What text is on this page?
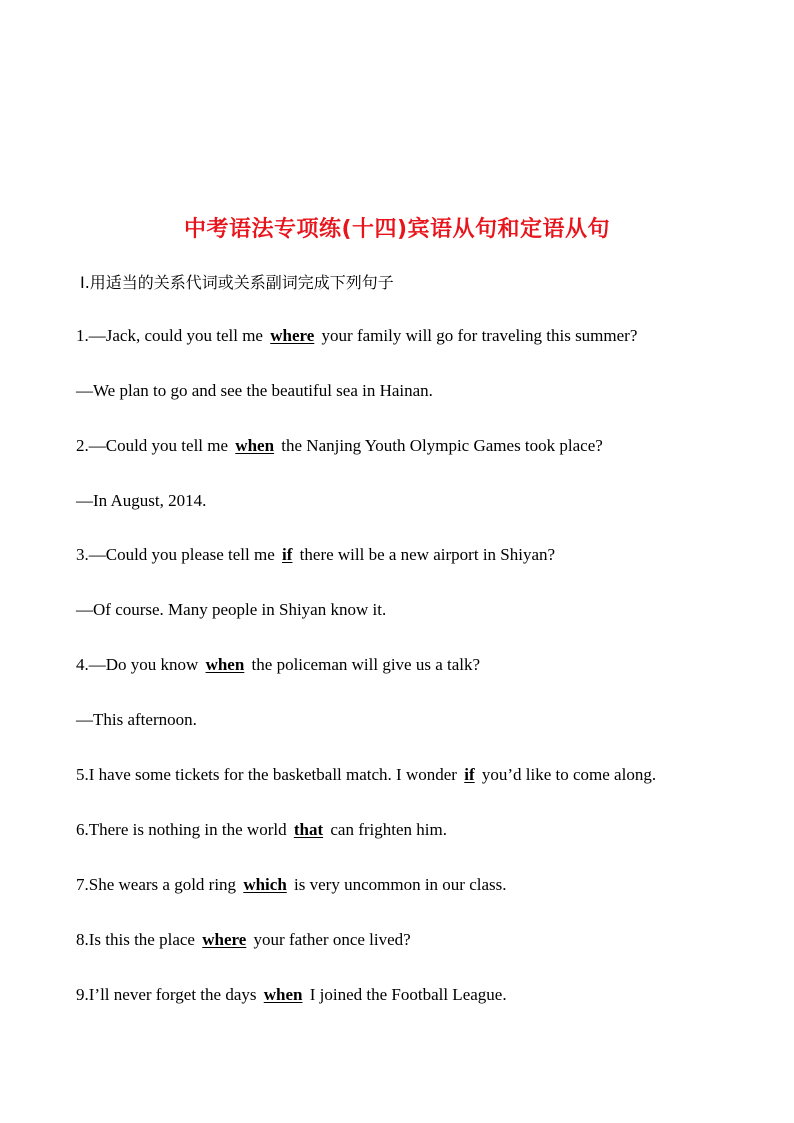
中考语法专项练(十四)宾语从句和定语从句
Ⅰ.用适当的关系代词或关系副词完成下列句子
1.—Jack, could you tell me where your family will go for traveling this summer?
—We plan to go and see the beautiful sea in Hainan.
2.—Could you tell me when the Nanjing Youth Olympic Games took place?
—In August, 2014.
3.—Could you please tell me if there will be a new airport in Shiyan?
—Of course. Many people in Shiyan know it.
4.—Do you know when the policeman will give us a talk?
—This afternoon.
5.I have some tickets for the basketball match. I wonder if you’d like to come along.
6.There is nothing in the world that can frighten him.
7.She wears a gold ring which is very uncommon in our class.
8.Is this the place where your father once lived?
9.I’ll never forget the days when I joined the Football League.
